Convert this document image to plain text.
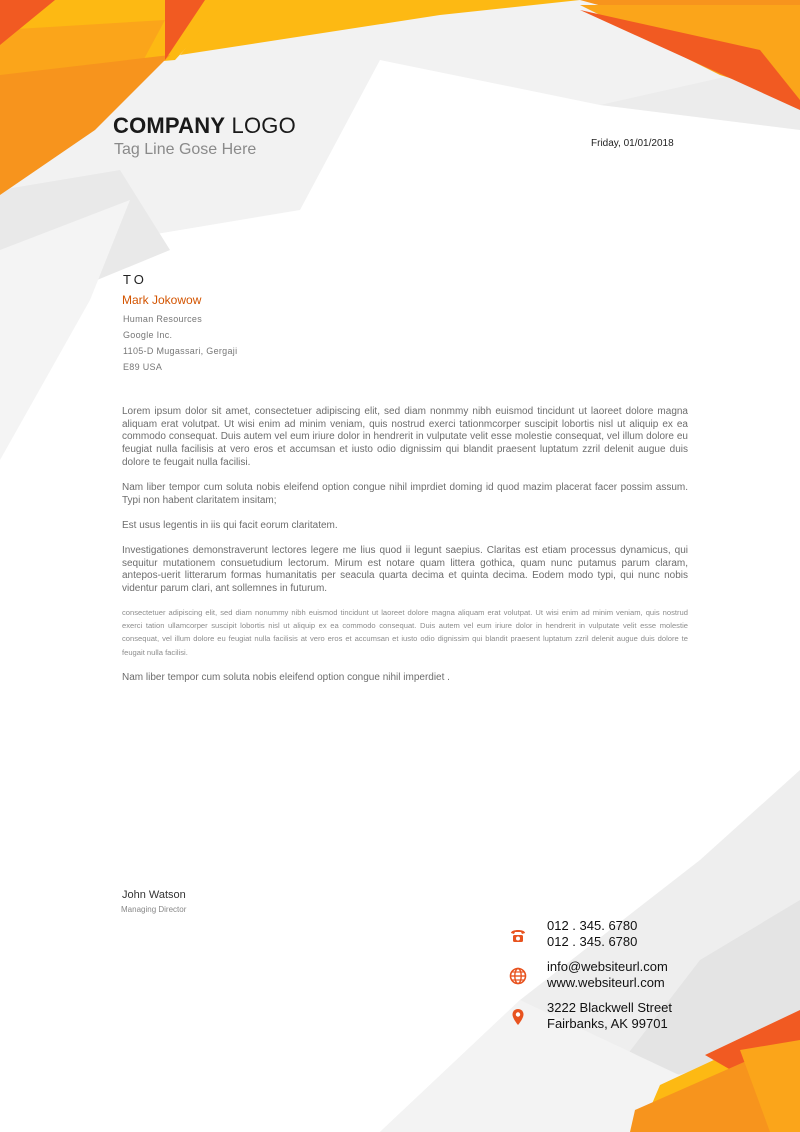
COMPANY LOGO
Tag Line Gose Here	Friday, 01/01/2018
TO
Mark Jokowow
Human Resources
Google Inc.
1105-D Mugassari, Gergaji
E89 USA
Lorem ipsum dolor sit amet, consectetuer adipiscing elit, sed diam nonmmy nibh euismod tincidunt ut laoreet dolore magna aliquam erat volutpat. Ut wisi enim ad minim veniam, quis nostrud exerci tationmcorper suscipit lobortis nisl ut aliquip ex ea commodo consequat. Duis autem vel eum iriure dolor in hendrerit in vulputate velit esse molestie consequat, vel illum dolore eu feugiat nulla facilisis at vero eros et accumsan et iusto odio dignissim qui blandit praesent luptatum zzril delenit augue duis dolore te feugait nulla facilisi.
Nam liber tempor cum soluta nobis eleifend option congue nihil imprdiet doming id quod mazim placerat facer possim assum. Typi non habent claritatem insitam;
Est usus legentis in iis qui facit eorum claritatem.
Investigationes demonstraverunt lectores legere me lius quod ii legunt saepius. Claritas est etiam processus dynamicus, qui sequitur mutationem consuetudium lectorum. Mirum est notare quam littera gothica, quam nunc putamus parum claram, antepos-uerit litterarum formas humanitatis per seacula quarta decima et quinta decima. Eodem modo typi, qui nunc nobis videntur parum clari, ant sollemnes in futurum.
consectetuer adipiscing elit, sed diam nonummy nibh euismod tincidunt ut laoreet dolore magna aliquam erat volutpat. Ut wisi enim ad minim veniam, quis nostrud exerci tation ullamcorper suscipit lobortis nisl ut aliquip ex ea commodo consequat. Duis autem vel eum iriure dolor in hendrerit in vulputate velit esse molestie consequat, vel illum dolore eu feugiat nulla facilisis at vero eros et accumsan et iusto odio dignissim qui blandit praesent luptatum zzril delenit augue duis dolore te feugait nulla facilisi.
Nam liber tempor cum soluta nobis eleifend option congue nihil imperdiet .
John Watson
Managing Director
012 . 345. 6780
012 . 345. 6780
info@websiteurl.com
www.websiteurl.com
3222 Blackwell Street
Fairbanks, AK 99701
